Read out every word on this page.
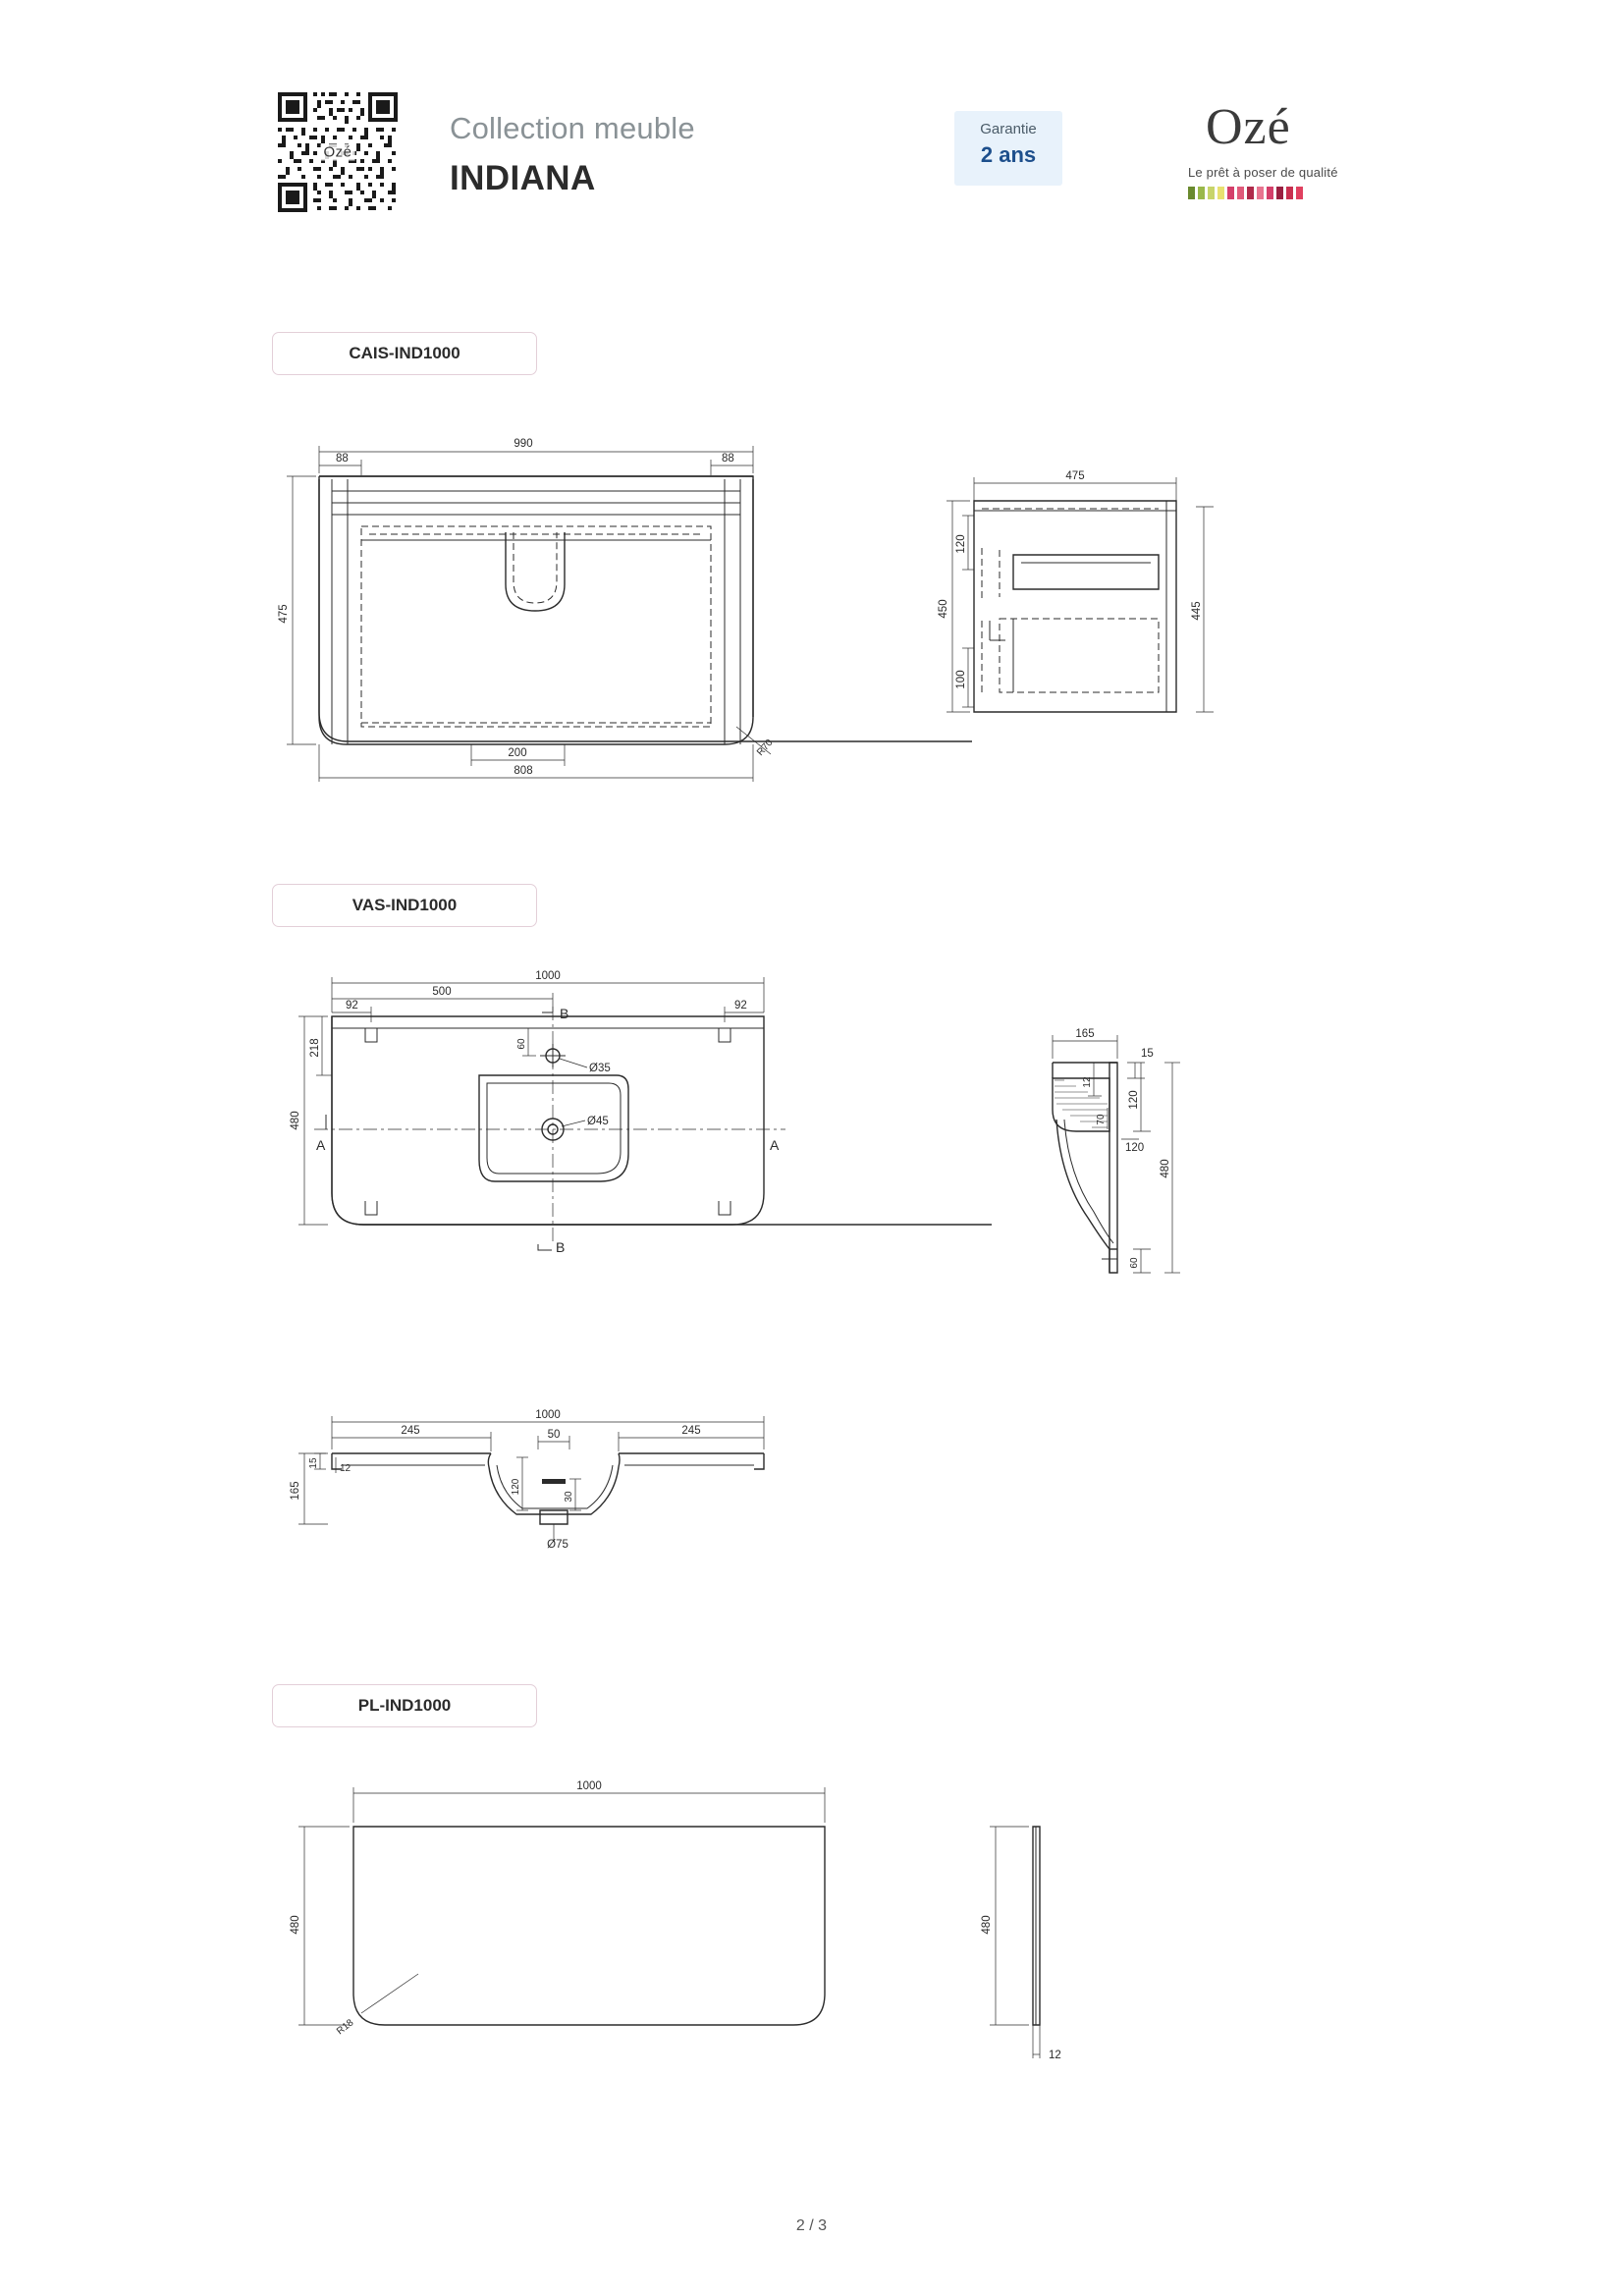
Ozé
Collection meuble
INDIANA
Garantie
2 ans	Ozé
Le prêt à poser de qualité
CAIS-IND1000
R70
990
88	88
475
808
200
475
450
120
100
445
VAS-IND1000
B
B
A	A
1000
500
92	92
480
218	60
Ø35
Ø45
165
15
12
120
70
120
480
60
1000
245	245
50
165
15 12
120
30
Ø75
PL-IND1000
R18
1000
480	480
12
2 / 3
